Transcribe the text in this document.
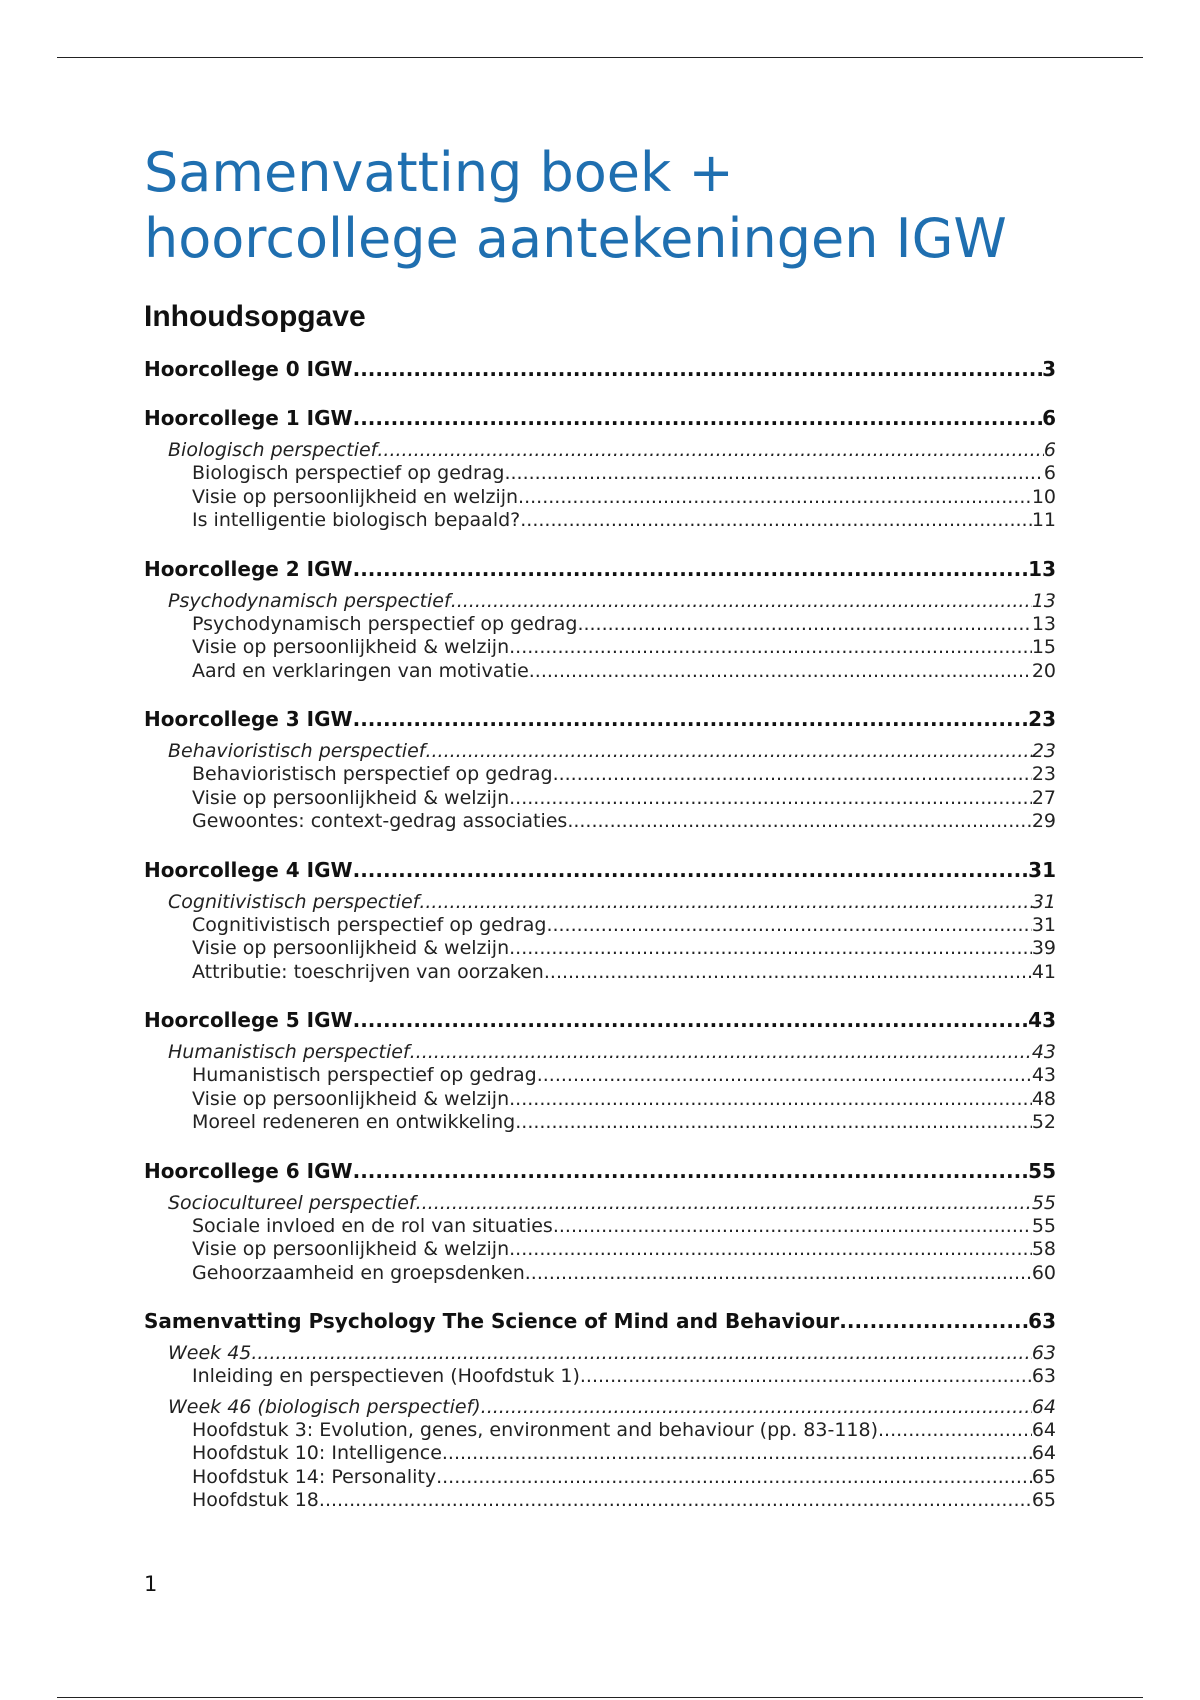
Samenvatting boek +
hoorcollege aantekeningen IGW
Inhoudsopgave
Hoorcollege 0 IGW .....	3
Hoorcollege 1 IGW .....	6
Biologisch perspectief .....	6
Biologisch perspectief op gedrag .....	6
Visie op persoonlijkheid en welzijn .....	10
Is intelligentie biologisch bepaald? .....	11
Hoorcollege 2 IGW .....	13
Psychodynamisch perspectief .....	13
Psychodynamisch perspectief op gedrag .....	13
Visie op persoonlijkheid & welzijn .....	15
Aard en verklaringen van motivatie .....	20
Hoorcollege 3 IGW .....	23
Behavioristisch perspectief .....	23
Behavioristisch perspectief op gedrag .....	23
Visie op persoonlijkheid & welzijn .....	27
Gewoontes: context-gedrag associaties .....	29
Hoorcollege 4 IGW .....	31
Cognitivistisch perspectief .....	31
Cognitivistisch perspectief op gedrag .....	31
Visie op persoonlijkheid & welzijn .....	39
Attributie: toeschrijven van oorzaken .....	41
Hoorcollege 5 IGW .....	43
Humanistisch perspectief .....	43
Humanistisch perspectief op gedrag .....	43
Visie op persoonlijkheid & welzijn .....	48
Moreel redeneren en ontwikkeling .....	52
Hoorcollege 6 IGW .....	55
Sociocultureel perspectief .....	55
Sociale invloed en de rol van situaties .....	55
Visie op persoonlijkheid & welzijn .....	58
Gehoorzaamheid en groepsdenken .....	60
Samenvatting Psychology The Science of Mind and Behaviour .....	63
Week 45 .....	63
Inleiding en perspectieven (Hoofdstuk 1) .....	63
Week 46 (biologisch perspectief) .....	64
Hoofdstuk 3: Evolution, genes, environment and behaviour (pp. 83-118) .....	64
Hoofdstuk 10: Intelligence .....	64
Hoofdstuk 14: Personality .....	65
Hoofdstuk 18 .....	65
1
